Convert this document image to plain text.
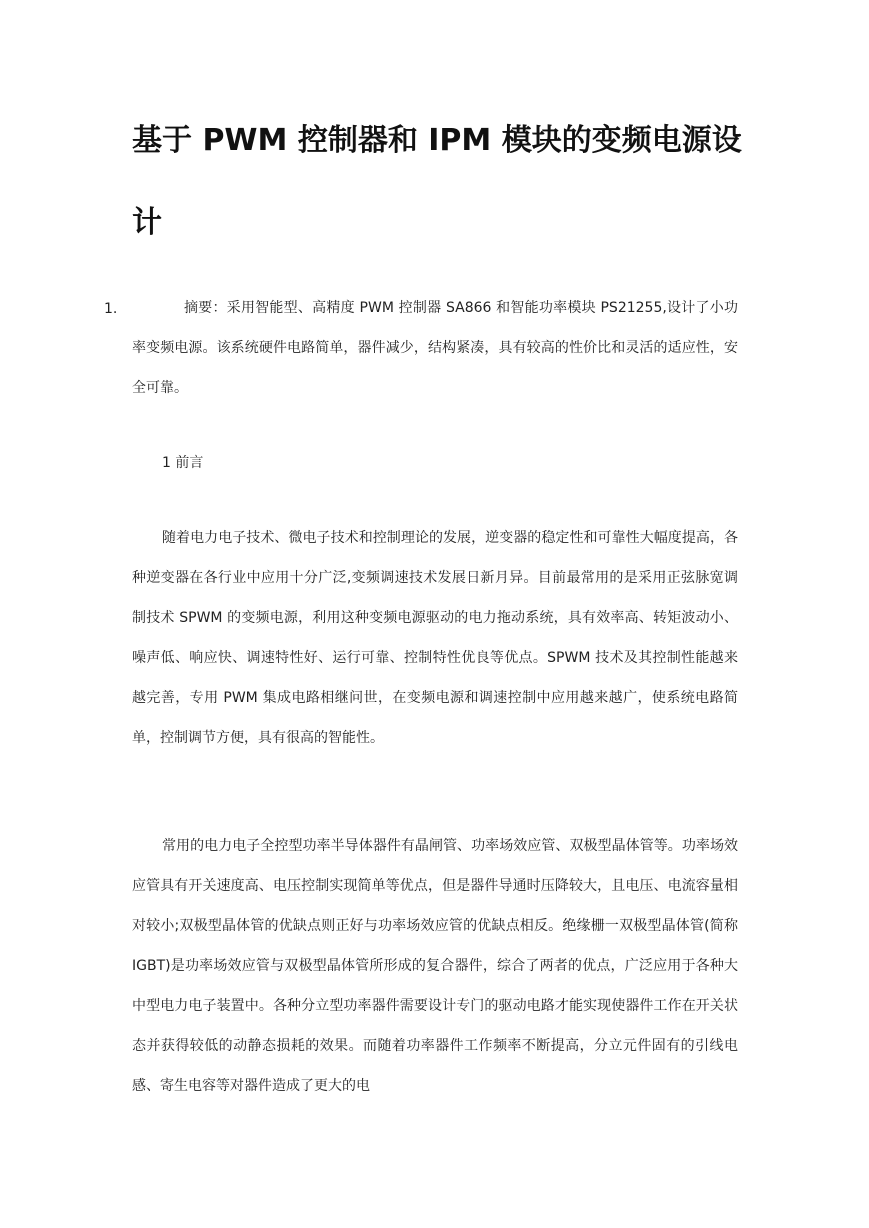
基于 PWM 控制器和 IPM 模块的变频电源设计
1.	摘要：采用智能型、高精度 PWM 控制器 SA866 和智能功率模块 PS21255,设计了小功率变频电源。该系统硬件电路简单，器件减少，结构紧凑，具有较高的性价比和灵活的适应性，安全可靠。

1 前言

随着电力电子技术、微电子技术和控制理论的发展，逆变器的稳定性和可靠性大幅度提高，各种逆变器在各行业中应用十分广泛,变频调速技术发展日新月异。目前最常用的是采用正弦脉宽调制技术 SPWM 的变频电源，利用这种变频电源驱动的电力拖动系统，具有效率高、转矩波动小、噪声低、响应快、调速特性好、运行可靠、控制特性优良等优点。SPWM 技术及其控制性能越来越完善，专用 PWM 集成电路相继问世，在变频电源和调速控制中应用越来越广，使系统电路简单，控制调节方便，具有很高的智能性。

常用的电力电子全控型功率半导体器件有晶闸管、功率场效应管、双极型晶体管等。功率场效应管具有开关速度高、电压控制实现简单等优点，但是器件导通时压降较大，且电压、电流容量相对较小;双极型晶体管的优缺点则正好与功率场效应管的优缺点相反。绝缘栅一双极型晶体管(简称 IGBT)是功率场效应管与双极型晶体管所形成的复合器件，综合了两者的优点，广泛应用于各种大中型电力电子装置中。各种分立型功率器件需要设计专门的驱动电路才能实现使器件工作在开关状态并获得较低的动静态损耗的效果。而随着功率器件工作频率不断提高，分立元件固有的引线电感、寄生电容等对器件造成了更大的电
